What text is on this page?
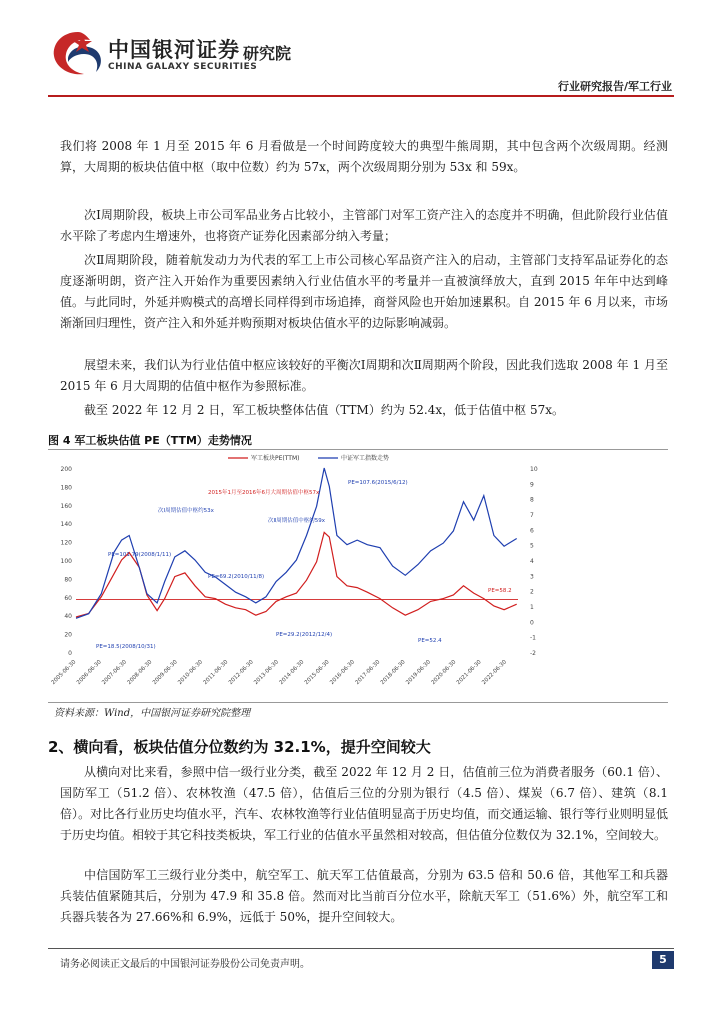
中国银河证券
CHINA GALAXY SECURITIES
研究院
行业研究报告/军工行业
我们将 2008 年 1 月至 2015 年 6 月看做是一个时间跨度较大的典型牛熊周期，其中包含两个次级周期。经测算，大周期的板块估值中枢（取中位数）约为 57x，两个次级周期分别为 53x 和 59x。
次Ⅰ周期阶段，板块上市公司军品业务占比较小，主管部门对军工资产注入的态度并不明确，但此阶段行业估值水平除了考虑内生增速外，也将资产证券化因素部分纳入考量；
次Ⅱ周期阶段，随着航发动力为代表的军工上市公司核心军品资产注入的启动，主管部门支持军品证券化的态度逐渐明朗，资产注入开始作为重要因素纳入行业估值水平的考量并一直被演绎放大，直到 2015 年年中达到峰值。与此同时，外延并购模式的高增长同样得到市场追捧，商誉风险也开始加速累积。自 2015 年 6 月以来，市场渐渐回归理性，资产注入和外延并购预期对板块估值水平的边际影响减弱。
展望未来，我们认为行业估值中枢应该较好的平衡次Ⅰ周期和次Ⅱ周期两个阶段，因此我们选取 2008 年 1 月至 2015 年 6 月大周期的估值中枢作为参照标准。
截至 2022 年 12 月 2 日，军工板块整体估值（TTM）约为 52.4x，低于估值中枢 57x。
图 4 军工板块估值 PE（TTM）走势情况
200
180
160
140
120
100
80
60
40
20
0
10
9
8
7
6
5
4
3
2
1
0
-1
-2
2005-06-30
2006-06-30
2007-06-30
2008-06-30
2009-06-30
2010-06-30
2011-06-30
2012-06-30
2013-06-30
2014-06-30
2015-06-30
2016-06-30
2017-06-30
2018-06-30
2019-06-30
2020-06-30
2021-06-30
2022-06-30
军工板块PE(TTM)	中证军工指数走势
2015年1月至2016年6月大周期估值中枢57x
次Ⅰ周期估值中枢约53x
次Ⅱ周期估值中枢约59x
PE=107.6(2015/6/12)
PE=101.79(2008/1/11)
PE=69.2(2010/11/8)
PE=18.5(2008/10/31)
PE=29.2(2012/12/4)
PE=52.4
PE=58.2
资料来源：Wind，中国银河证券研究院整理
2、横向看，板块估值分位数约为 32.1%，提升空间较大
从横向对比来看，参照中信一级行业分类，截至 2022 年 12 月 2 日，估值前三位为消费者服务（60.1 倍）、国防军工（51.2 倍）、农林牧渔（47.5 倍），估值后三位的分别为银行（4.5 倍）、煤炭（6.7 倍）、建筑（8.1 倍）。对比各行业历史均值水平，汽车、农林牧渔等行业估值明显高于历史均值，而交通运输、银行等行业则明显低于历史均值。相较于其它科技类板块，军工行业的估值水平虽然相对较高，但估值分位数仅为 32.1%，空间较大。
中信国防军工三级行业分类中，航空军工、航天军工估值最高，分别为 63.5 倍和 50.6 倍，其他军工和兵器兵装估值紧随其后，分别为 47.9 和 35.8 倍。然而对比当前百分位水平，除航天军工（51.6%）外，航空军工和兵器兵装各为 27.66%和 6.9%，远低于 50%，提升空间较大。
请务必阅读正文最后的中国银河证券股份公司免责声明。	5
